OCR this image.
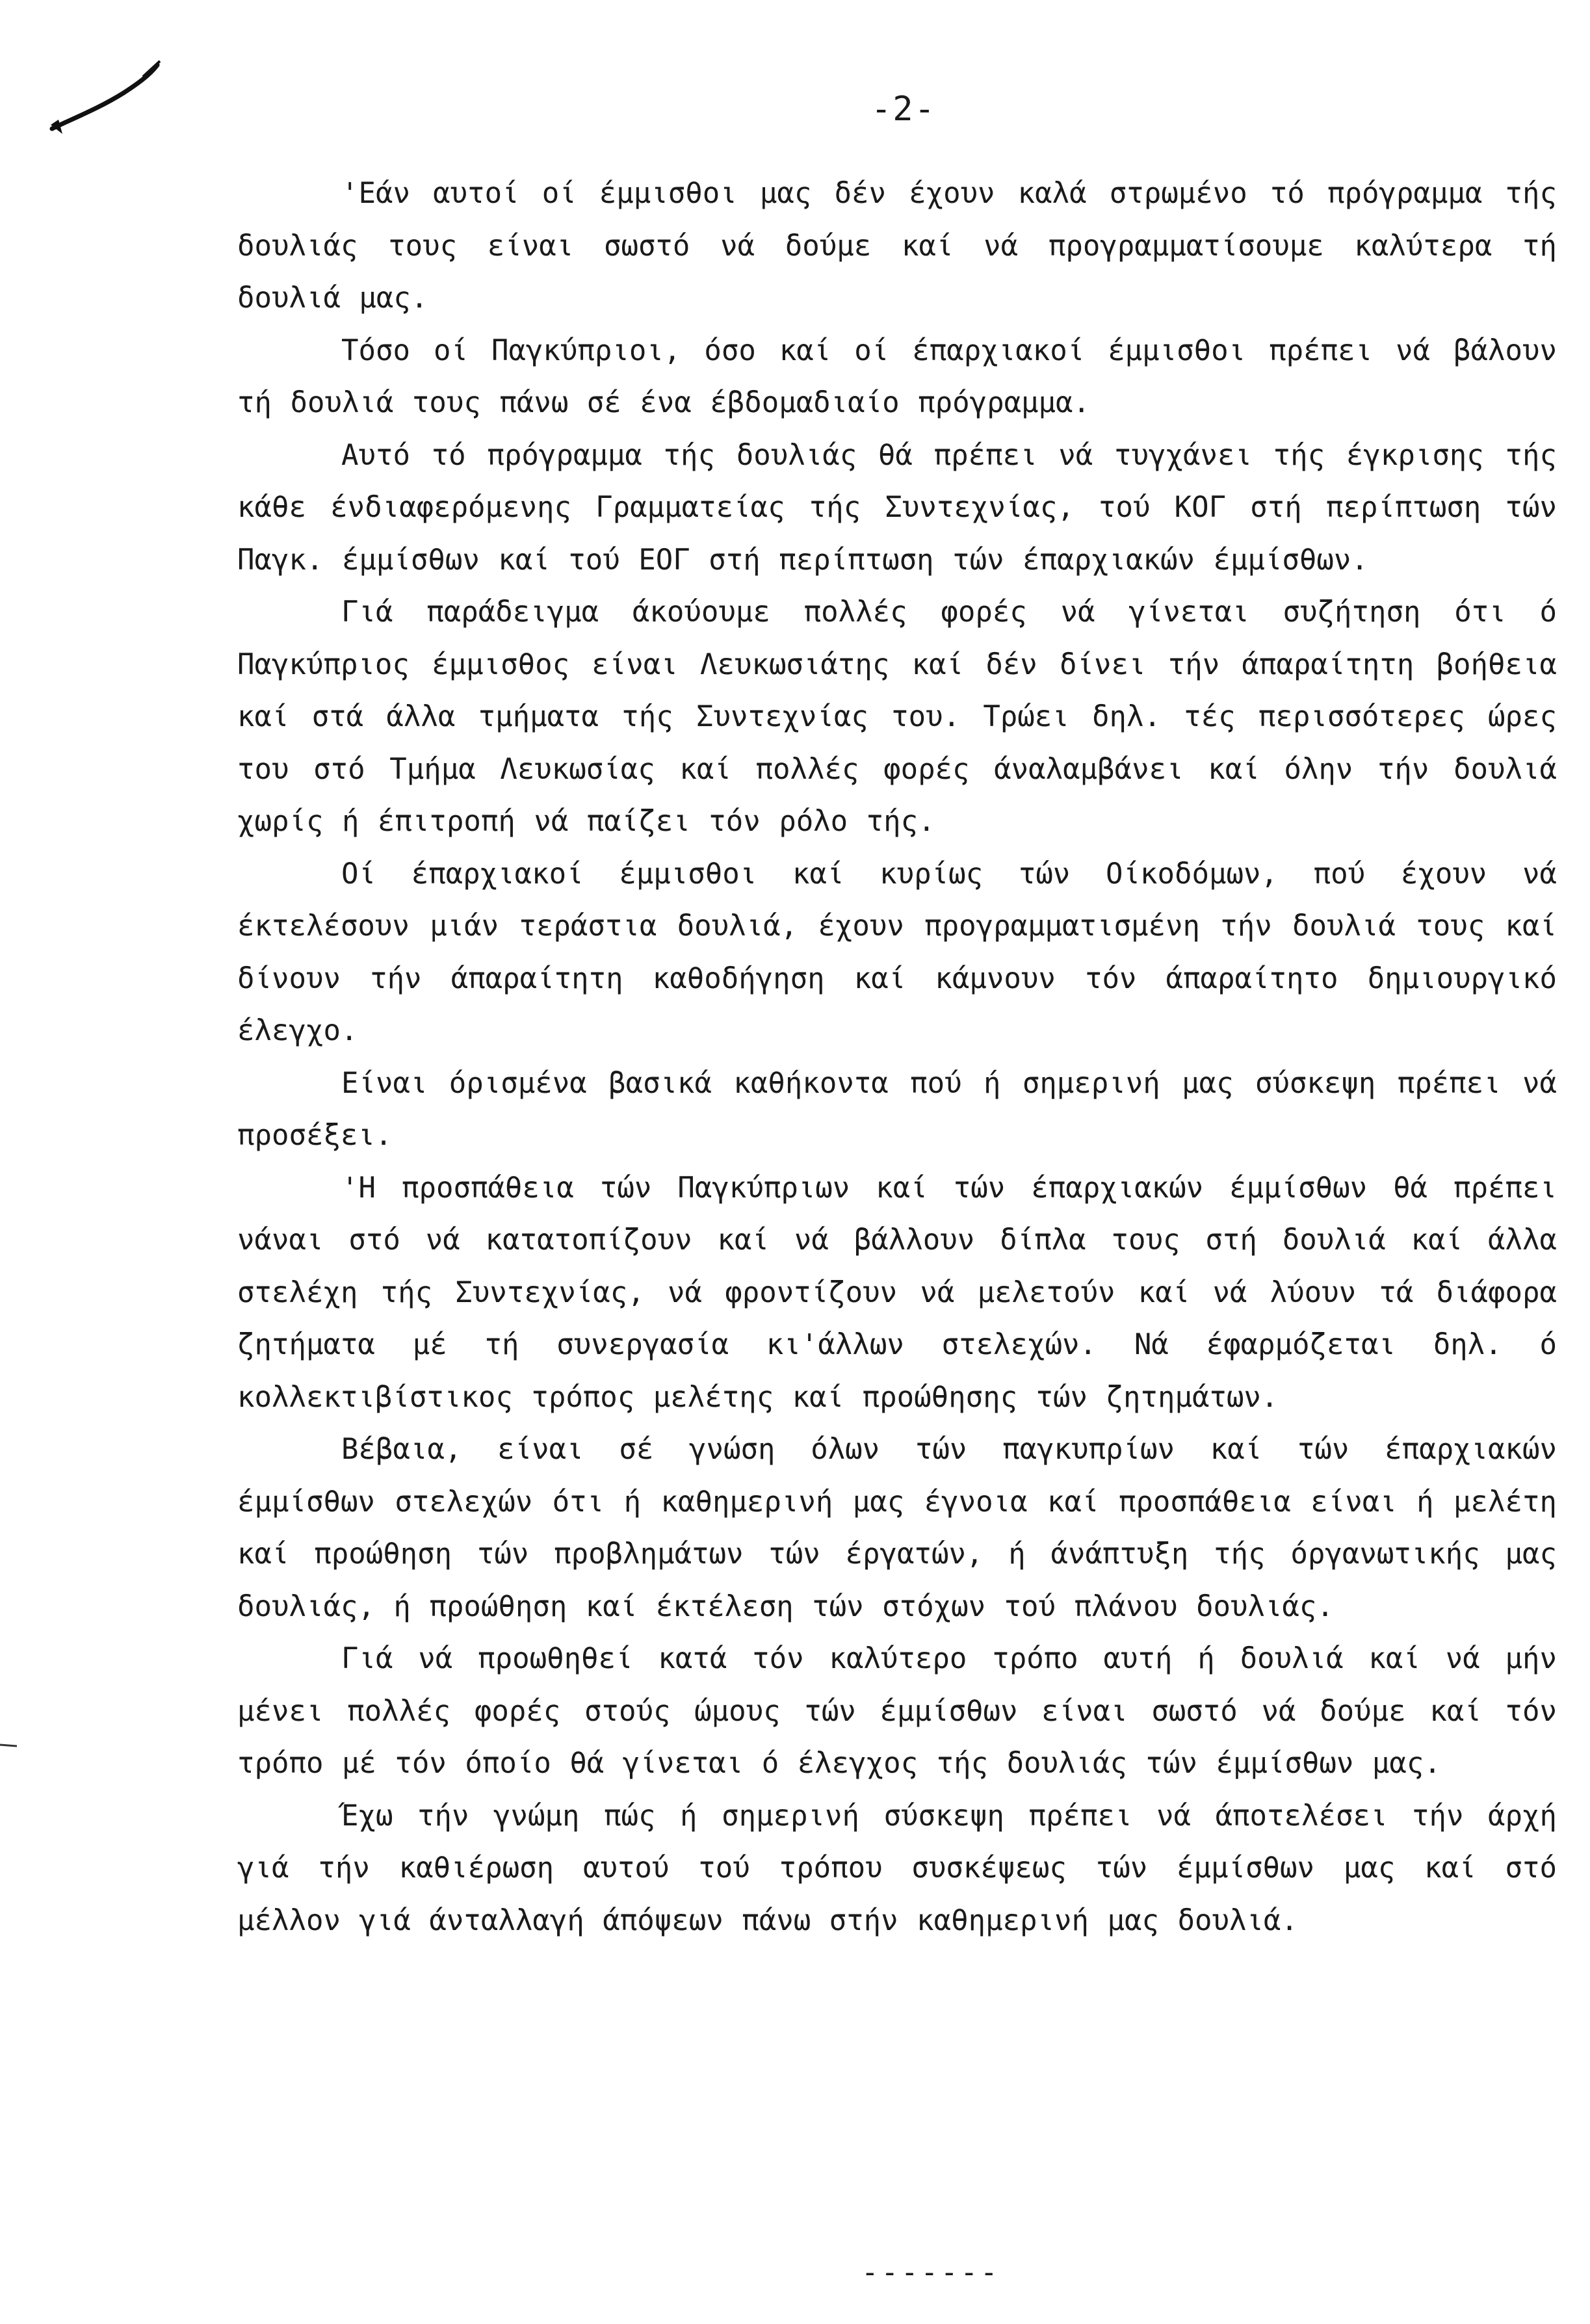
-2-

'Εάν αυτοί οί έμμισθοι μας δέν έχουν καλά στρωμένο τό πρόγραμμα τής δουλιάς τους είναι σωστό νά δούμε καί νά προγραμματίσουμε καλύτερα τή δουλιά μας.

Τόσο οί Παγκύπριοι, όσο καί οί έπαρχιακοί έμμισθοι πρέπει νά βάλουν τή δουλιά τους πάνω σέ ένα έβδομαδιαίο πρόγραμμα.

Αυτό τό πρόγραμμα τής δουλιάς θά πρέπει νά τυγχάνει τής έγκρισης τής κάθε ένδιαφερόμενης Γραμματείας τής Συντεχνίας, τού ΚΟΓ στή περίπτωση τών Παγκ. έμμίσθων καί τού ΕΟΓ στή περίπτωση τών έπαρχιακών έμμίσθων.

Γιά παράδειγμα άκούουμε πολλές φορές νά γίνεται συζήτηση ότι ό Παγκύπριος έμμισθος είναι Λευκωσιάτης καί δέν δίνει τήν άπαραίτητη βοήθεια καί στά άλλα τμήματα τής Συντεχνίας του. Τρώει δηλ. τές περισσότερες ώρες του στό Τμήμα Λευκωσίας καί πολλές φορές άναλαμβάνει καί όλην τήν δουλιά χωρίς ή έπιτροπή νά παίζει τόν ρόλο τής.

Οί έπαρχιακοί έμμισθοι καί κυρίως τών Οίκοδόμων, πού έχουν νά έκτελέσουν μιάν τεράστια δουλιά, έχουν προγραμματισμένη τήν δουλιά τους καί δίνουν τήν άπαραίτητη καθοδήγηση καί κάμνουν τόν άπαραίτητο δημιουργικό έλεγχο.

Είναι όρισμένα βασικά καθήκοντα πού ή σημερινή μας σύσκεψη πρέπει νά προσέξει.

'Η προσπάθεια τών Παγκύπριων καί τών έπαρχιακών έμμίσθων θά πρέπει νάναι στό νά κατατοπίζουν καί νά βάλλουν δίπλα τους στή δουλιά καί άλλα στελέχη τής Συντεχνίας, νά φροντίζουν νά μελετούν καί νά λύουν τά διάφορα ζητήματα μέ τή συνεργασία κι'άλλων στελεχών. Νά έφαρμόζεται δηλ. ό κολλεκτιβίστικος τρόπος μελέτης καί προώθησης τών ζητημάτων.

Βέβαια, είναι σέ γνώση όλων τών παγκυπρίων καί τών έπαρχιακών έμμίσθων στελεχών ότι ή καθημερινή μας έγνοια καί προσπάθεια είναι ή μελέτη καί προώθηση τών προβλημάτων τών έργατών, ή άνάπτυξη τής όργανωτικής μας δουλιάς, ή προώθηση καί έκτέλεση τών στόχων τού πλάνου δουλιάς.

Γιά νά προωθηθεί κατά τόν καλύτερο τρόπο αυτή ή δουλιά καί νά μήν μένει πολλές φορές στούς ώμους τών έμμίσθων είναι σωστό νά δούμε καί τόν τρόπο μέ τόν όποίο θά γίνεται ό έλεγχος τής δουλιάς τών έμμίσθων μας.

Έχω τήν γνώμη πώς ή σημερινή σύσκεψη πρέπει νά άποτελέσει τήν άρχή γιά τήν καθιέρωση αυτού τού τρόπου συσκέψεως τών έμμίσθων μας καί στό μέλλον γιά άνταλλαγή άπόψεων πάνω στήν καθημερινή μας δουλιά.

-------
